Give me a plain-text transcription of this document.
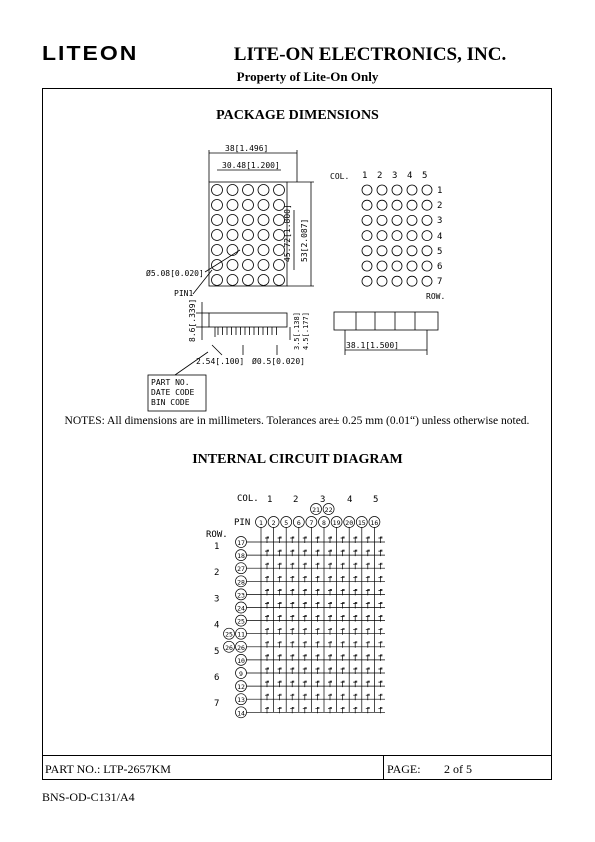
LITEON	LITE-ON ELECTRONICS, INC.
Property of Lite-On Only
PACKAGE DIMENSIONS
38[1.496]
30.48[1.200]
45.72[1.800] 53[2.087]
Ø5.08[0.020]
PIN1
8.6[.339]	3.5[.138] 4.5[.177]
2.54[.100] Ø0.5[0.020]
38.1[1.500]
PART NO.
DATE CODE
BIN CODE
COL. 1 2 3 4 5
1
2
3
4
5
6
7
ROW.
NOTES: All dimensions are in millimeters. Tolerances are± 0.25 mm (0.01“) unless otherwise noted.
INTERNAL CIRCUIT DIAGRAM
1 2 3 4 5
1 2 5 6 7 8 19 20 15 16
21 22
17
18
27
28
23
24
25
11
26
10
9
12
13
14
25
26
1
2
3
4
5
6
7
COL.
PIN
ROW.
PART NO.: LTP-2657KM	PAGE: 2 of 5
BNS-OD-C131/A4
